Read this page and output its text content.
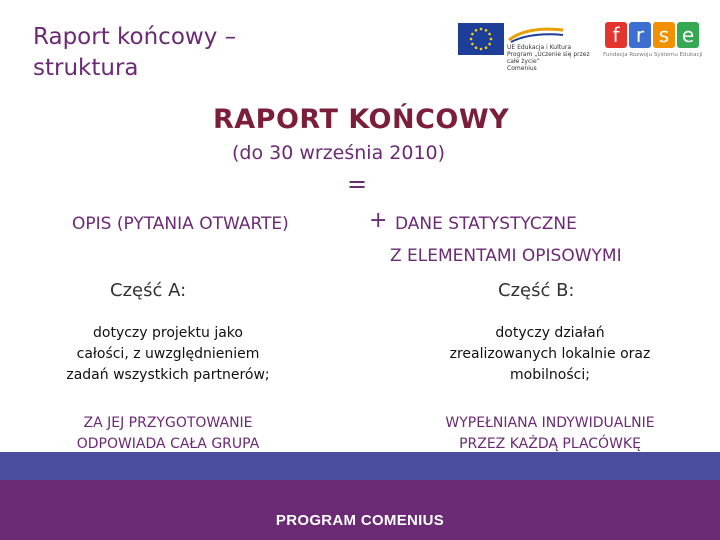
Raport końcowy –
struktura
UE Edukacja i Kultura
Program „Uczenie się przez całe życie”
Comenius
f r s e
Fundacja Rozwoju Systemu Edukacji
RAPORT KOŃCOWY
(do 30 września 2010)
=
OPIS (PYTANIA OTWARTE)	+ DANE STATYSTYCZNE
Z ELEMENTAMI OPISOWYMI
Część A:	Część B:
dotyczy projektu jako
całości, z uwzględnieniem
zadań wszystkich partnerów;
dotyczy działań
zrealizowanych lokalnie oraz
mobilności;
ZA JEJ PRZYGOTOWANIE
ODPOWIADA CAŁA GRUPA
WYPEŁNIANA INDYWIDUALNIE
PRZEZ KAŻDĄ PLACÓWKĘ
PROGRAM COMENIUS
